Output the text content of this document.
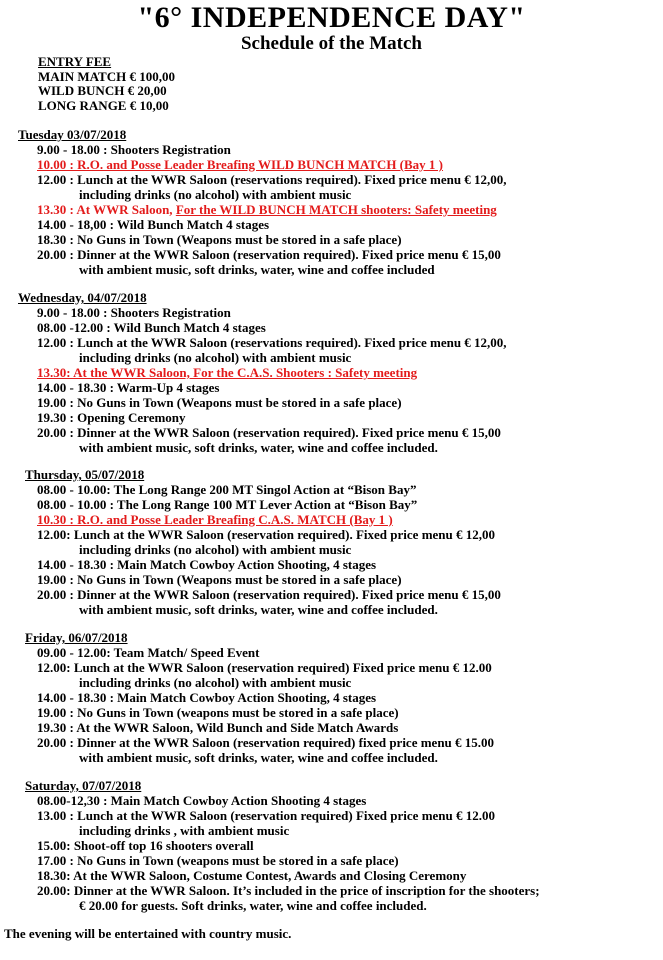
"6° INDEPENDENCE DAY"
Schedule of the Match
ENTRY FEE
MAIN MATCH € 100,00
WILD BUNCH € 20,00
LONG RANGE € 10,00
Tuesday 03/07/2018
9.00 - 18.00 : Shooters Registration
10.00 : R.O. and Posse Leader Breafing WILD BUNCH MATCH (Bay 1 )
12.00 : Lunch at the WWR Saloon (reservations required). Fixed price menu € 12,00,
including drinks (no alcohol) with ambient music
13.30 : At WWR Saloon, For the WILD BUNCH MATCH shooters: Safety meeting
14.00 - 18,00 : Wild Bunch Match 4 stages
18.30 : No Guns in Town (Weapons must be stored in a safe place)
20.00 : Dinner at the WWR Saloon (reservation required). Fixed price menu € 15,00
with ambient music, soft drinks, water, wine and coffee included
Wednesday, 04/07/2018
9.00 - 18.00 : Shooters Registration
08.00 -12.00 : Wild Bunch Match 4 stages
12.00 : Lunch at the WWR Saloon (reservations required). Fixed price menu € 12,00,
including drinks (no alcohol) with ambient music
13.30: At the WWR Saloon, For the C.A.S. Shooters : Safety meeting
14.00 - 18.30 : Warm-Up 4 stages
19.00 : No Guns in Town (Weapons must be stored in a safe place)
19.30 : Opening Ceremony
20.00 : Dinner at the WWR Saloon (reservation required). Fixed price menu € 15,00
with ambient music, soft drinks, water, wine and coffee included.
Thursday, 05/07/2018
08.00 - 10.00: The Long Range 200 MT Singol Action at “Bison Bay”
08.00 - 10.00 : The Long Range 100 MT Lever Action at “Bison Bay”
10.30 : R.O. and Posse Leader Breafing C.A.S. MATCH (Bay 1 )
12.00: Lunch at the WWR Saloon (reservation required). Fixed price menu € 12,00
including drinks (no alcohol) with ambient music
14.00 - 18.30 : Main Match Cowboy Action Shooting, 4 stages
19.00 : No Guns in Town (Weapons must be stored in a safe place)
20.00 : Dinner at the WWR Saloon (reservation required). Fixed price menu € 15,00
with ambient music, soft drinks, water, wine and coffee included.
Friday, 06/07/2018
09.00 - 12.00: Team Match/ Speed Event
12.00: Lunch at the WWR Saloon (reservation required) Fixed price menu € 12.00
including drinks (no alcohol) with ambient music
14.00 - 18.30 : Main Match Cowboy Action Shooting, 4 stages
19.00 : No Guns in Town (weapons must be stored in a safe place)
19.30 : At the WWR Saloon, Wild Bunch and Side Match Awards
20.00 : Dinner at the WWR Saloon (reservation required) fixed price menu € 15.00
with ambient music, soft drinks, water, wine and coffee included.
Saturday, 07/07/2018
08.00-12,30 : Main Match Cowboy Action Shooting 4 stages
13.00 : Lunch at the WWR Saloon (reservation required) Fixed price menu € 12.00
including drinks , with ambient music
15.00: Shoot-off top 16 shooters overall
17.00 : No Guns in Town (weapons must be stored in a safe place)
18.30: At the WWR Saloon, Costume Contest, Awards and Closing Ceremony
20.00: Dinner at the WWR Saloon. It’s included in the price of inscription for the shooters;
€ 20.00 for guests. Soft drinks, water, wine and coffee included.
The evening will be entertained with country music.
